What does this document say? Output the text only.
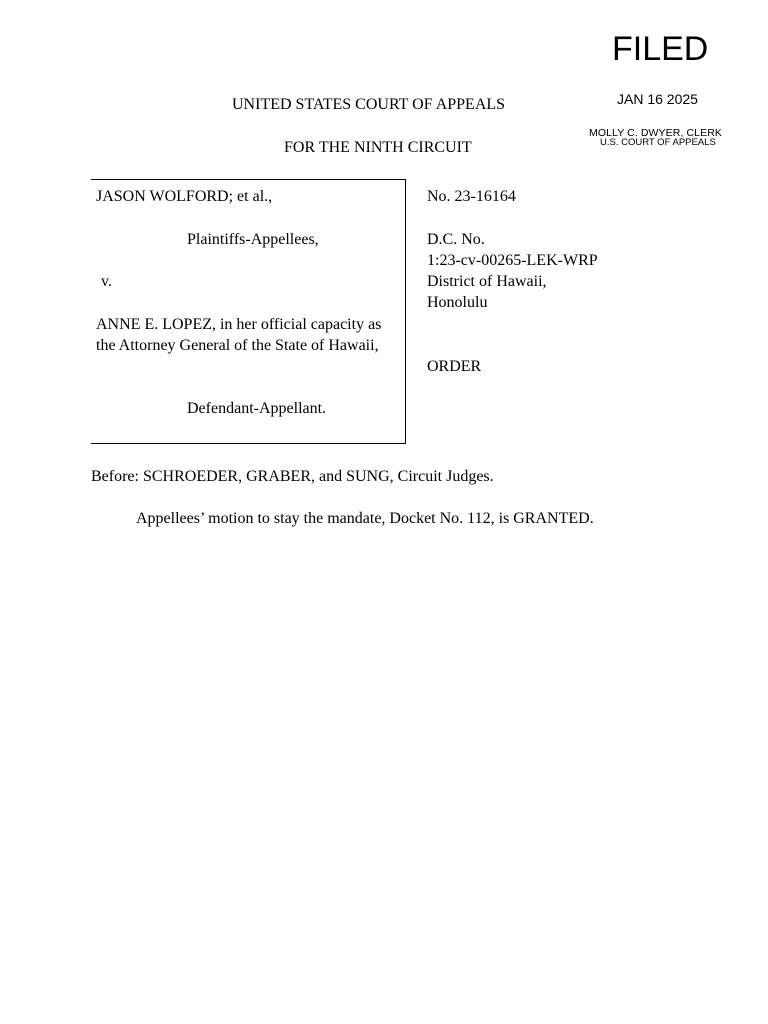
FILED
JAN 16 2025
MOLLY C. DWYER, CLERK
U.S. COURT OF APPEALS
UNITED STATES COURT OF APPEALS
FOR THE NINTH CIRCUIT
JASON WOLFORD; et al.,
Plaintiffs-Appellees,
v.
ANNE E. LOPEZ, in her official capacity as the Attorney General of the State of Hawaii,
Defendant-Appellant.
No. 23-16164
D.C. No.
1:23-cv-00265-LEK-WRP
District of Hawaii,
Honolulu
ORDER
Before: SCHROEDER, GRABER, and SUNG, Circuit Judges.
Appellees’ motion to stay the mandate, Docket No. 112, is GRANTED.
